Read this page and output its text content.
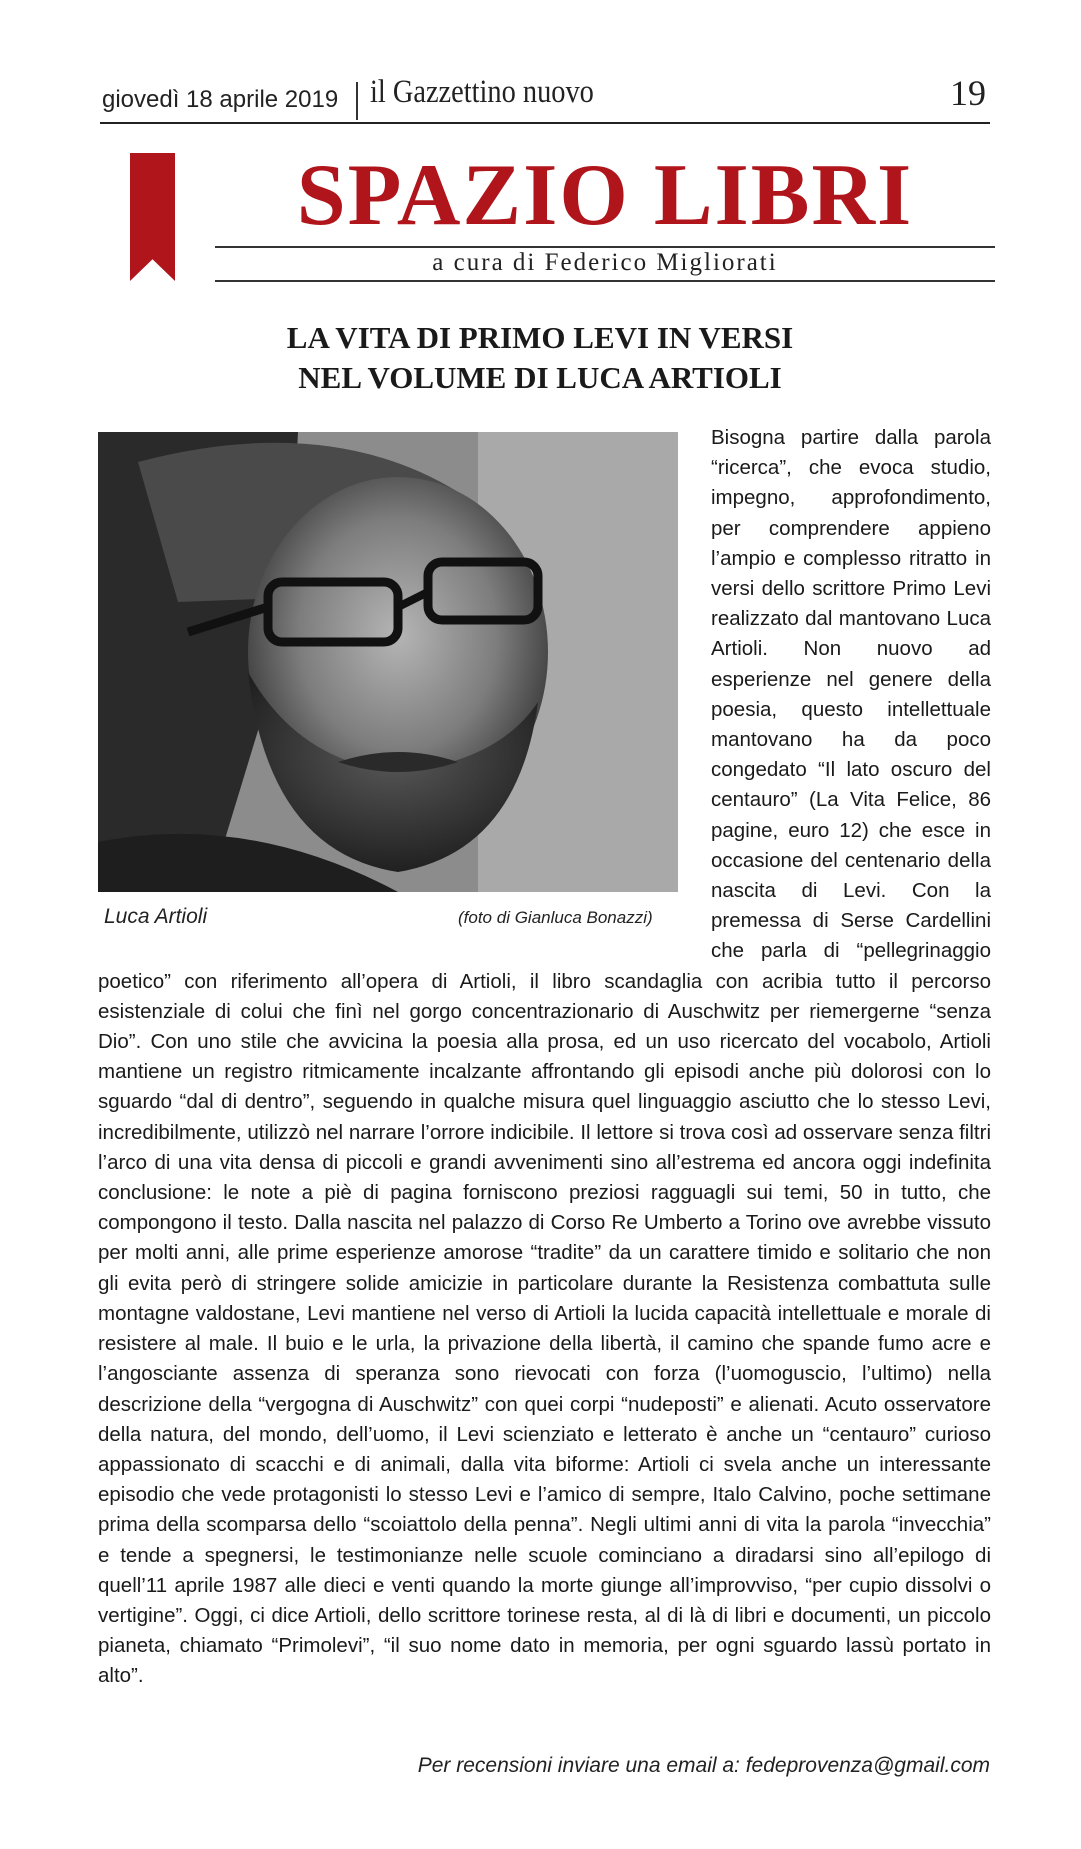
giovedì 18 aprile 2019 il Gazzettino nuovo	19
SPAZIO LIBRI
a cura di Federico Migliorati
LA VITA DI PRIMO LEVI IN VERSI
NEL VOLUME DI LUCA ARTIOLI
Luca Artioli	(foto di Gianluca Bonazzi)
Bisogna partire dalla parola “ricerca”, che evoca studio, impegno, approfondimento, per comprendere appieno l’ampio e complesso ritratto in versi dello scrittore Primo Levi realizzato dal mantovano Luca Artioli. Non nuovo ad esperienze nel genere della poesia, questo intellettuale mantovano ha da poco congedato “Il lato oscuro del centauro” (La Vita Felice, 86 pagine, euro 12) che esce in occasione del centenario della nascita di Levi. Con la premessa di Serse Cardellini che parla di “pellegrinaggio poetico” con riferimento all’opera di Artioli, il libro scandaglia con acribia tutto il percorso esistenziale di colui che finì nel gorgo concentrazionario di Auschwitz per riemergerne “senza Dio”. Con uno stile che avvicina la poesia alla prosa, ed un uso ricercato del vocabolo, Artioli mantiene un registro ritmicamente incalzante affrontando gli episodi anche più dolorosi con lo sguardo “dal di dentro”, seguendo in qualche misura quel linguaggio asciutto che lo stesso Levi, incredibilmente, utilizzò nel narrare l’orrore indicibile. Il lettore si trova così ad osservare senza filtri l’arco di una vita densa di piccoli e grandi avvenimenti sino all’estrema ed ancora oggi indefinita conclusione: le note a piè di pagina forniscono preziosi ragguagli sui temi, 50 in tutto, che compongono il testo. Dalla nascita nel palazzo di Corso Re Umberto a Torino ove avrebbe vissuto per molti anni, alle prime esperienze amorose “tradite” da un carattere timido e solitario che non gli evita però di stringere solide amicizie in particolare durante la Resistenza combattuta sulle montagne valdostane, Levi mantiene nel verso di Artioli la lucida capacità intellettuale e morale di resistere al male. Il buio e le urla, la privazione della libertà, il camino che spande fumo acre e l’angosciante assenza di speranza sono rievocati con forza (l’uomoguscio, l’ultimo) nella descrizione della “vergogna di Auschwitz” con quei corpi “nudeposti” e alienati. Acuto osservatore della natura, del mondo, dell’uomo, il Levi scienziato e letterato è anche un “centauro” curioso appassionato di scacchi e di animali, dalla vita biforme: Artioli ci svela anche un interessante episodio che vede protagonisti lo stesso Levi e l’amico di sempre, Italo Calvino, poche settimane prima della scomparsa dello “scoiattolo della penna”. Negli ultimi anni di vita la parola “invecchia” e tende a spegnersi, le testimonianze nelle scuole cominciano a diradarsi sino all’epilogo di quell’11 aprile 1987 alle dieci e venti quando la morte giunge all’improvviso, “per cupio dissolvi o vertigine”. Oggi, ci dice Artioli, dello scrittore torinese resta, al di là di libri e documenti, un piccolo pianeta, chiamato “Primolevi”, “il suo nome dato in memoria, per ogni sguardo lassù portato in alto”.
Per recensioni inviare una email a: fedeprovenza@gmail.com
